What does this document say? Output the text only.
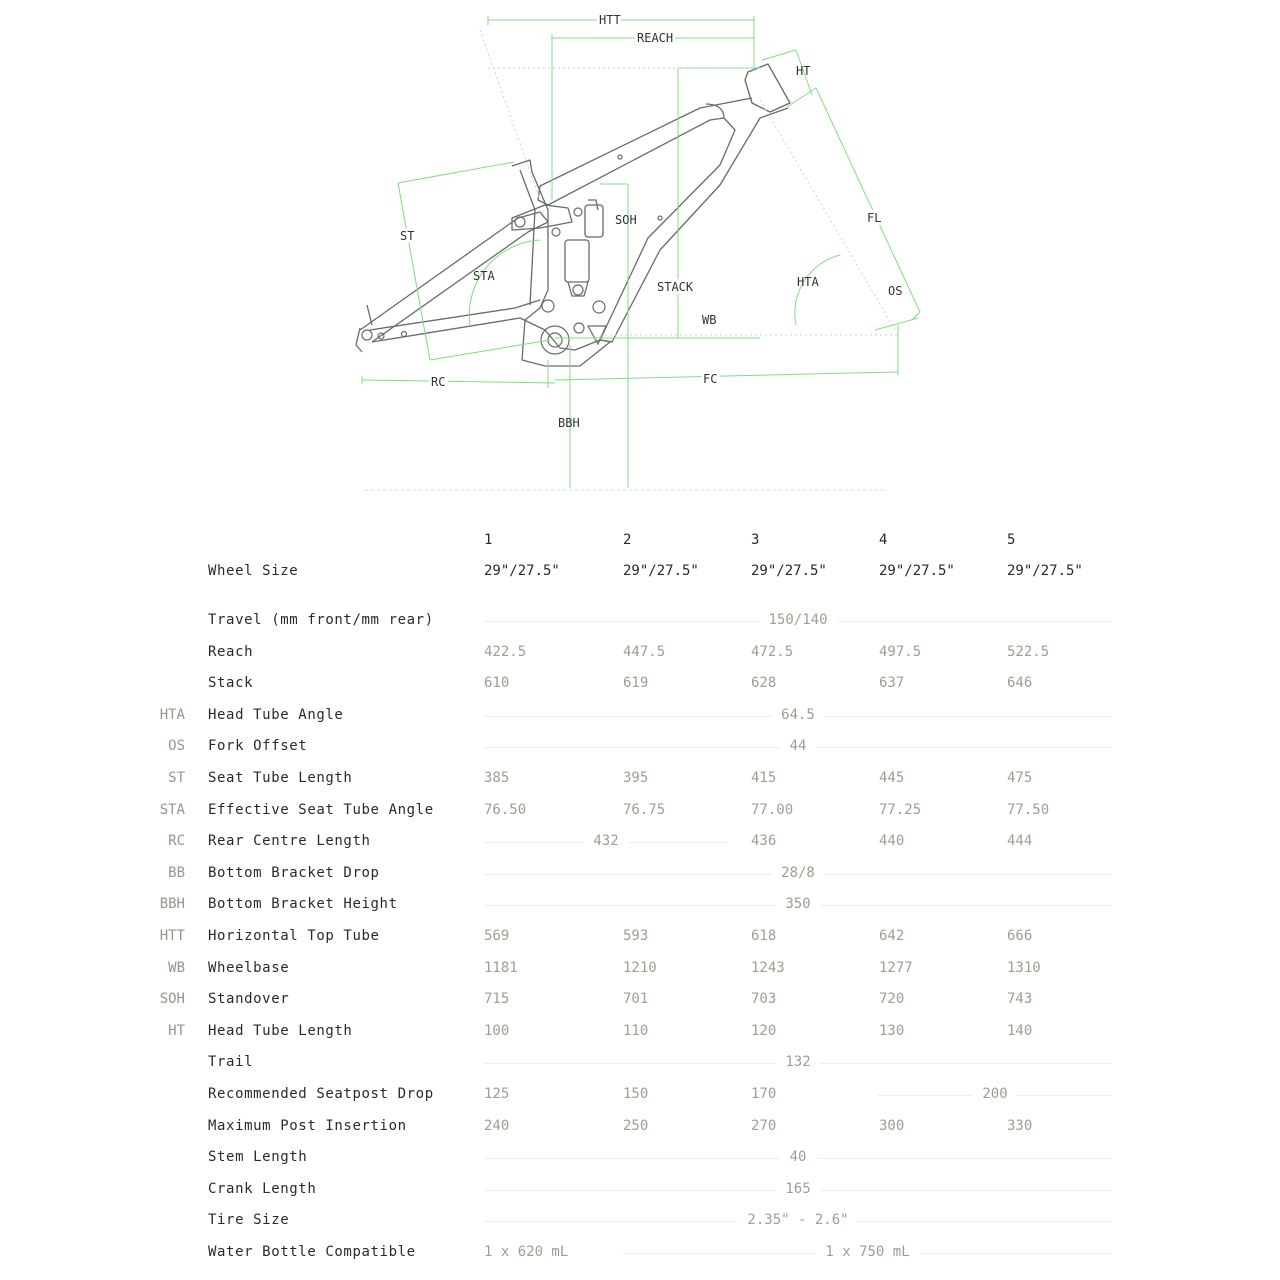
HTT
REACH
HT
FL
SOH
ST
STA
STACK	HTA
OS
WB
RC	FC
BBH
1	2	3	4	5
Wheel Size	29"/27.5"	29"/27.5"	29"/27.5"	29"/27.5"	29"/27.5"
Travel (mm front/mm rear)	150/140
Reach	422.5	447.5	472.5	497.5	522.5
Stack	610	619	628	637	646
HTA Head Tube Angle	64.5
OS Fork Offset	44
ST Seat Tube Length	385	395	415	445	475
STA Effective Seat Tube Angle	76.50	76.75	77.00	77.25	77.50
RC Rear Centre Length	432	436	440	444
BB Bottom Bracket Drop	28/8
BBH Bottom Bracket Height	350
HTT Horizontal Top Tube	569	593	618	642	666
WB Wheelbase	1181	1210	1243	1277	1310
SOH Standover	715	701	703	720	743
HT Head Tube Length	100	110	120	130	140
Trail	132
Recommended Seatpost Drop	125	150	170	200
Maximum Post Insertion	240	250	270	300	330
Stem Length	40
Crank Length	165
Tire Size	2.35" - 2.6"
Water Bottle Compatible	1 x 620 mL	1 x 750 mL
